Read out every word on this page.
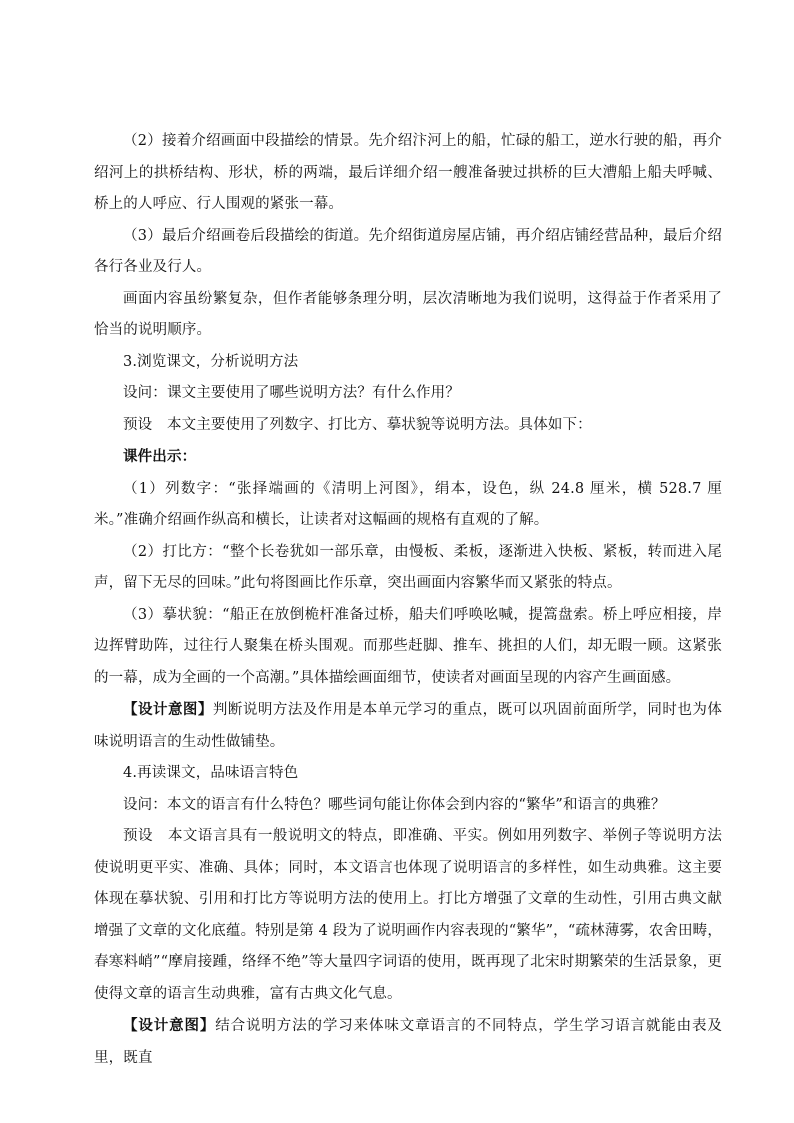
（2）接着介绍画面中段描绘的情景。先介绍汴河上的船，忙碌的船工，逆水行驶的船，再介绍河上的拱桥结构、形状，桥的两端，最后详细介绍一艘准备驶过拱桥的巨大漕船上船夫呼喊、桥上的人呼应、行人围观的紧张一幕。

（3）最后介绍画卷后段描绘的街道。先介绍街道房屋店铺，再介绍店铺经营品种，最后介绍各行各业及行人。

画面内容虽纷繁复杂，但作者能够条理分明，层次清晰地为我们说明，这得益于作者采用了恰当的说明顺序。

3.浏览课文，分析说明方法

设问：课文主要使用了哪些说明方法？有什么作用？

预设　本文主要使用了列数字、打比方、摹状貌等说明方法。具体如下：

课件出示：

（1）列数字：“张择端画的《清明上河图》，绢本，设色，纵 24.8 厘米，横 528.7 厘米。”准确介绍画作纵高和横长，让读者对这幅画的规格有直观的了解。

（2）打比方：“整个长卷犹如一部乐章，由慢板、柔板，逐渐进入快板、紧板，转而进入尾声，留下无尽的回味。”此句将图画比作乐章，突出画面内容繁华而又紧张的特点。

（3）摹状貌：“船正在放倒桅杆准备过桥，船夫们呼唤吆喊，提篙盘索。桥上呼应相接，岸边挥臂助阵，过往行人聚集在桥头围观。而那些赶脚、推车、挑担的人们，却无暇一顾。这紧张的一幕，成为全画的一个高潮。”具体描绘画面细节，使读者对画面呈现的内容产生画面感。

【设计意图】判断说明方法及作用是本单元学习的重点，既可以巩固前面所学，同时也为体味说明语言的生动性做铺垫。

4.再读课文，品味语言特色

设问：本文的语言有什么特色？哪些词句能让你体会到内容的“繁华”和语言的典雅？

预设　本文语言具有一般说明文的特点，即准确、平实。例如用列数字、举例子等说明方法使说明更平实、准确、具体；同时，本文语言也体现了说明语言的多样性，如生动典雅。这主要体现在摹状貌、引用和打比方等说明方法的使用上。打比方增强了文章的生动性，引用古典文献增强了文章的文化底蕴。特别是第 4 段为了说明画作内容表现的“繁华”，“疏林薄雾，农舍田畴，春寒料峭”“摩肩接踵，络绎不绝”等大量四字词语的使用，既再现了北宋时期繁荣的生活景象，更使得文章的语言生动典雅，富有古典文化气息。

【设计意图】结合说明方法的学习来体味文章语言的不同特点，学生学习语言就能由表及里，既直
